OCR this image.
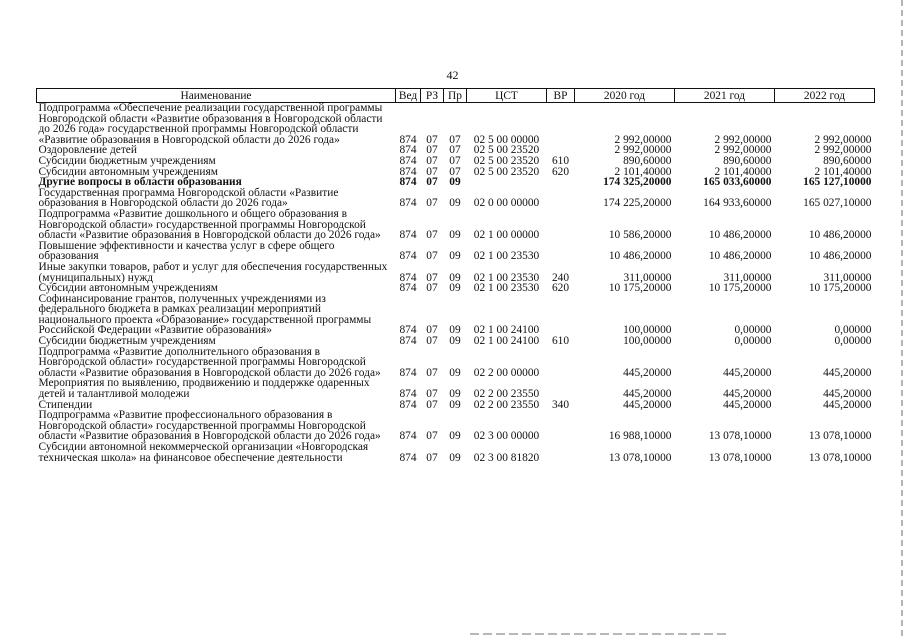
42
Наименование	Вед	РЗ	Пр	ЦСТ	ВР	2020 год	2021 год	2022 год
Подпрограмма «Обеспечение реализации государственной программы Новгородской области «Развитие образования в Новгородской области до 2026 года» государственной программы Новгородской области «Развитие образования в Новгородской области до 2026 года»	874	07	07	02 5 00 00000		2 992,00000	2 992,00000	2 992,00000
Оздоровление детей	874	07	07	02 5 00 23520		2 992,00000	2 992,00000	2 992,00000
Субсидии бюджетным учреждениям	874	07	07	02 5 00 23520	610	890,60000	890,60000	890,60000
Субсидии автономным учреждениям	874	07	07	02 5 00 23520	620	2 101,40000	2 101,40000	2 101,40000
Другие вопросы в области образования	874	07	09			174 325,20000	165 033,60000	165 127,10000
Государственная программа Новгородской области «Развитие образования в Новгородской области до 2026 года»	874	07	09	02 0 00 00000		174 225,20000	164 933,60000	165 027,10000
Подпрограмма «Развитие дошкольного и общего образования в Новгородской области» государственной программы Новгородской области «Развитие образования в Новгородской области до 2026 года»	874	07	09	02 1 00 00000		10 586,20000	10 486,20000	10 486,20000
Повышение эффективности и качества услуг в сфере общего образования	874	07	09	02 1 00 23530		10 486,20000	10 486,20000	10 486,20000
Иные закупки товаров, работ и услуг для обеспечения государственных (муниципальных) нужд	874	07	09	02 1 00 23530	240	311,00000	311,00000	311,00000
Субсидии автономным учреждениям	874	07	09	02 1 00 23530	620	10 175,20000	10 175,20000	10 175,20000
Софинансирование грантов, полученных учреждениями из федерального бюджета в рамках реализации мероприятий национального проекта «Образование» государственной программы Российской Федерации «Развитие образования»	874	07	09	02 1 00 24100		100,00000	0,00000	0,00000
Субсидии бюджетным учреждениям	874	07	09	02 1 00 24100	610	100,00000	0,00000	0,00000
Подпрограмма «Развитие дополнительного образования в Новгородской области» государственной программы Новгородской области «Развитие образования в Новгородской области до 2026 года»	874	07	09	02 2 00 00000		445,20000	445,20000	445,20000
Мероприятия по выявлению, продвижению и поддержке одаренных детей и талантливой молодежи	874	07	09	02 2 00 23550		445,20000	445,20000	445,20000
Стипендии	874	07	09	02 2 00 23550	340	445,20000	445,20000	445,20000
Подпрограмма «Развитие профессионального образования в Новгородской области» государственной программы Новгородской области «Развитие образования в Новгородской области до 2026 года»	874	07	09	02 3 00 00000		16 988,10000	13 078,10000	13 078,10000
Субсидии автономной некоммерческой организации «Новгородская техническая школа» на финансовое обеспечение деятельности	874	07	09	02 3 00 81820		13 078,10000	13 078,10000	13 078,10000
